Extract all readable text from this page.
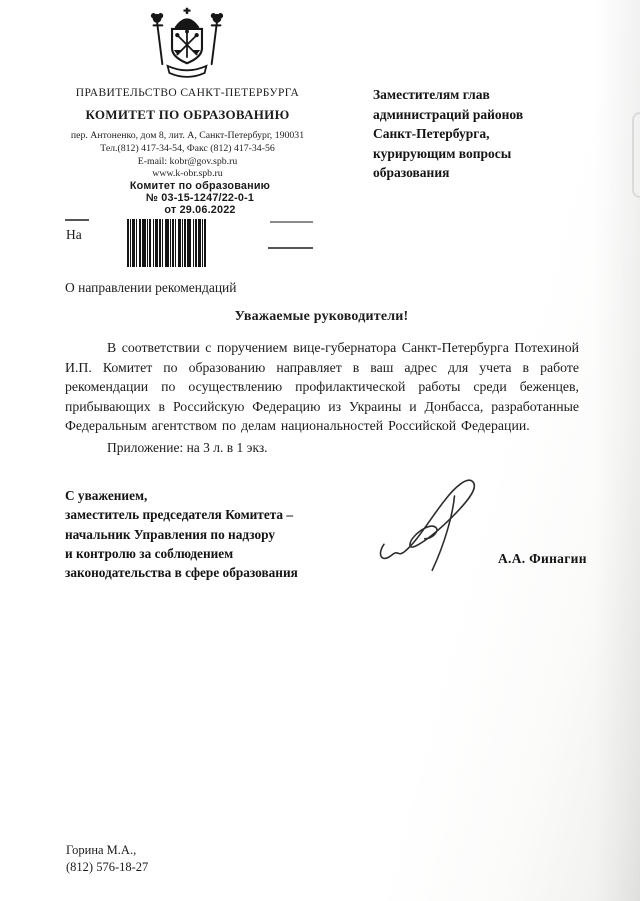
ПРАВИТЕЛЬСТВО САНКТ-ПЕТЕРБУРГА
КОМИТЕТ ПО ОБРАЗОВАНИЮ
пер. Антоненко, дом 8, лит. А, Санкт-Петербург, 190031
Тел.(812) 417-34-54, Факс (812) 417-34-56
E-mail: kobr@gov.spb.ru
www.k-obr.spb.ru
Комитет по образованию
№ 03-15-1247/22-0-1
от 29.06.2022
На
Заместителям глав
администраций районов
Санкт-Петербурга,
курирующим вопросы
образования
О направлении рекомендаций
Уважаемые руководители!
В соответствии с поручением вице-губернатора Санкт-Петербурга Потехиной И.П. Комитет по образованию направляет в ваш адрес для учета в работе рекомендации по осуществлению профилактической работы среди беженцев, прибывающих в Российскую Федерацию из Украины и Донбасса, разработанные Федеральным агентством по делам национальностей Российской Федерации.
Приложение: на 3 л. в 1 экз.
С уважением,
заместитель председателя Комитета –
начальник Управления по надзору
и контролю за соблюдением
законодательства в сфере образования
А.А. Финагин
Горина М.А.,
(812) 576-18-27
